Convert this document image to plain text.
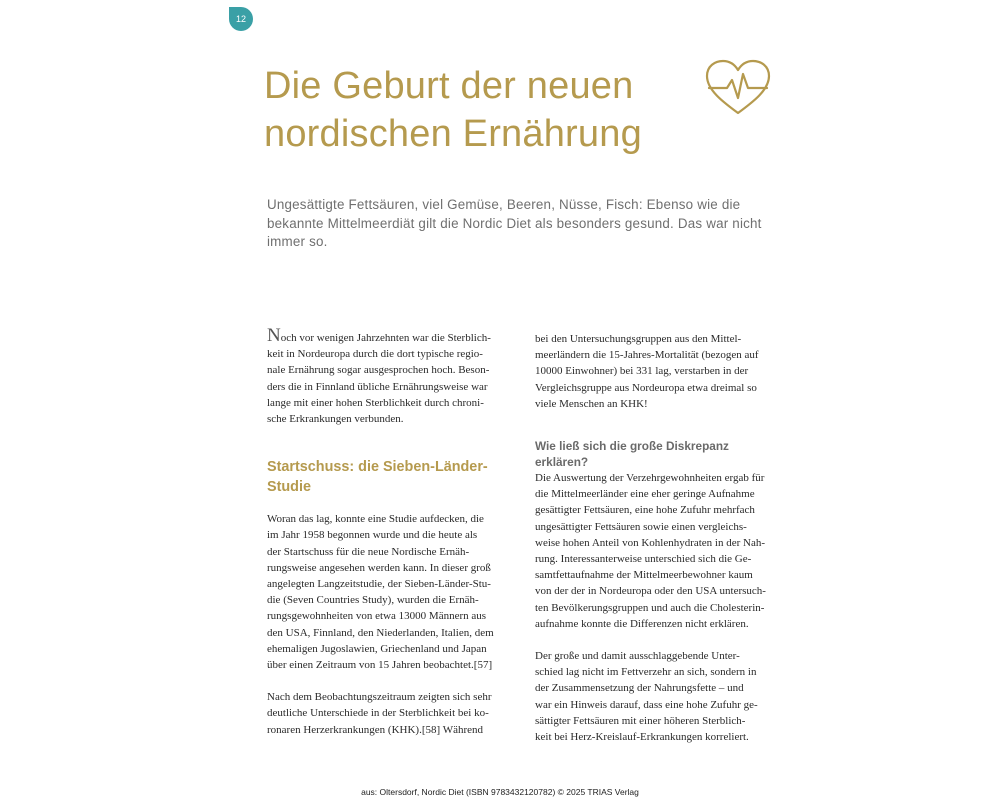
12
Die Geburt der neuen
nordischen Ernährung

Ungesättigte Fettsäuren, viel Gemüse, Beeren, Nüsse, Fisch: Ebenso wie die
bekannte Mittelmeerdiät gilt die Nordic Diet als besonders gesund. Das war nicht
immer so.

Noch vor wenigen Jahrzehnten war die Sterblich-
keit in Nordeuropa durch die dort typische regio-
nale Ernährung sogar ausgesprochen hoch. Beson-
ders die in Finnland übliche Ernährungsweise war
lange mit einer hohen Sterblichkeit durch chroni-
sche Erkrankungen verbunden.

Startschuss: die Sieben-Länder-
Studie

Woran das lag, konnte eine Studie aufdecken, die
im Jahr 1958 begonnen wurde und die heute als
der Startschuss für die neue Nordische Ernäh-
rungsweise angesehen werden kann. In dieser groß
angelegten Langzeitstudie, der Sieben-Länder-Stu-
die (Seven Countries Study), wurden die Ernäh-
rungsgewohnheiten von etwa 13000 Männern aus
den USA, Finnland, den Niederlanden, Italien, dem
ehemaligen Jugoslawien, Griechenland und Japan
über einen Zeitraum von 15 Jahren beobachtet.[57]

Nach dem Beobachtungszeitraum zeigten sich sehr
deutliche Unterschiede in der Sterblichkeit bei ko-
ronaren Herzerkrankungen (KHK).[58] Während

bei den Untersuchungsgruppen aus den Mittel-
meerländern die 15-Jahres-Mortalität (bezogen auf
10000 Einwohner) bei 331 lag, verstarben in der
Vergleichsgruppe aus Nordeuropa etwa dreimal so
viele Menschen an KHK!

Wie ließ sich die große Diskrepanz erklären?

Die Auswertung der Verzehrgewohnheiten ergab für
die Mittelmeerländer eine eher geringe Aufnahme
gesättigter Fettsäuren, eine hohe Zufuhr mehrfach
ungesättigter Fettsäuren sowie einen vergleichs-
weise hohen Anteil von Kohlenhydraten in der Nah-
rung. Interessanterweise unterschied sich die Ge-
samtfettaufnahme der Mittelmeerbewohner kaum
von der der in Nordeuropa oder den USA untersuch-
ten Bevölkerungsgruppen und auch die Cholesterin-
aufnahme konnte die Differenzen nicht erklären.

Der große und damit ausschlaggebende Unter-
schied lag nicht im Fettverzehr an sich, sondern in
der Zusammensetzung der Nahrungsfette – und
war ein Hinweis darauf, dass eine hohe Zufuhr ge-
sättigter Fettsäuren mit einer höheren Sterblich-
keit bei Herz-Kreislauf-Erkrankungen korreliert.

aus: Oltersdorf, Nordic Diet (ISBN 9783432120782) © 2025 TRIAS Verlag
